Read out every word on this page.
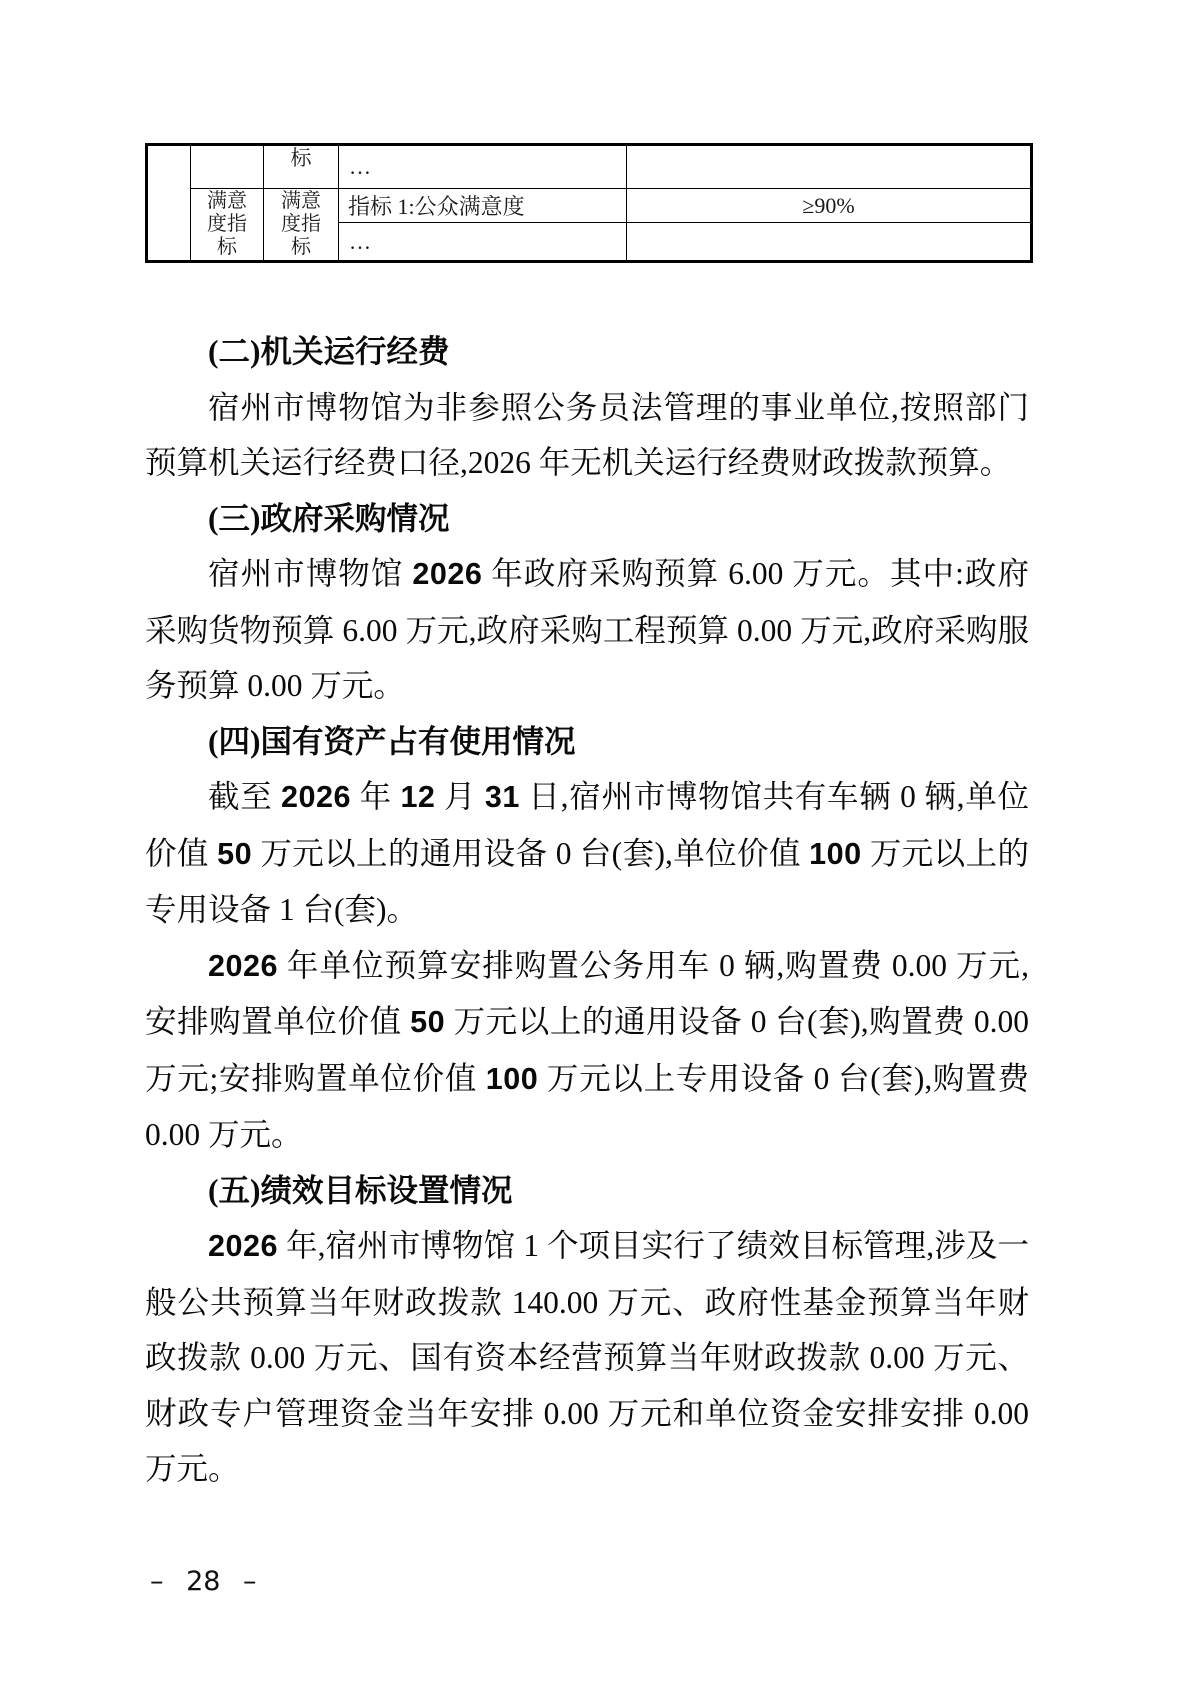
		标	…	

	满意度指标	满意度指标	指标 1:公众满意度	≥90%
			…	
(二)机关运行经费
宿州市博物馆为非参照公务员法管理的事业单位,按照部门预算机关运行经费口径,2026 年无机关运行经费财政拨款预算。
(三)政府采购情况
宿州市博物馆 2026 年政府采购预算 6.00 万元。其中:政府采购货物预算 6.00 万元,政府采购工程预算 0.00 万元,政府采购服务预算 0.00 万元。
(四)国有资产占有使用情况
截至 2026 年 12 月 31 日,宿州市博物馆共有车辆 0 辆,单位价值 50 万元以上的通用设备 0 台(套),单位价值 100 万元以上的专用设备 1 台(套)。
2026 年单位预算安排购置公务用车 0 辆,购置费 0.00 万元,安排购置单位价值 50 万元以上的通用设备 0 台(套),购置费 0.00 万元;安排购置单位价值 100 万元以上专用设备 0 台(套),购置费 0.00 万元。
(五)绩效目标设置情况
2026 年,宿州市博物馆 1 个项目实行了绩效目标管理,涉及一般公共预算当年财政拨款 140.00 万元、政府性基金预算当年财政拨款 0.00 万元、国有资本经营预算当年财政拨款 0.00 万元、财政专户管理资金当年安排 0.00 万元和单位资金安排安排 0.00 万元。
– 28 –
